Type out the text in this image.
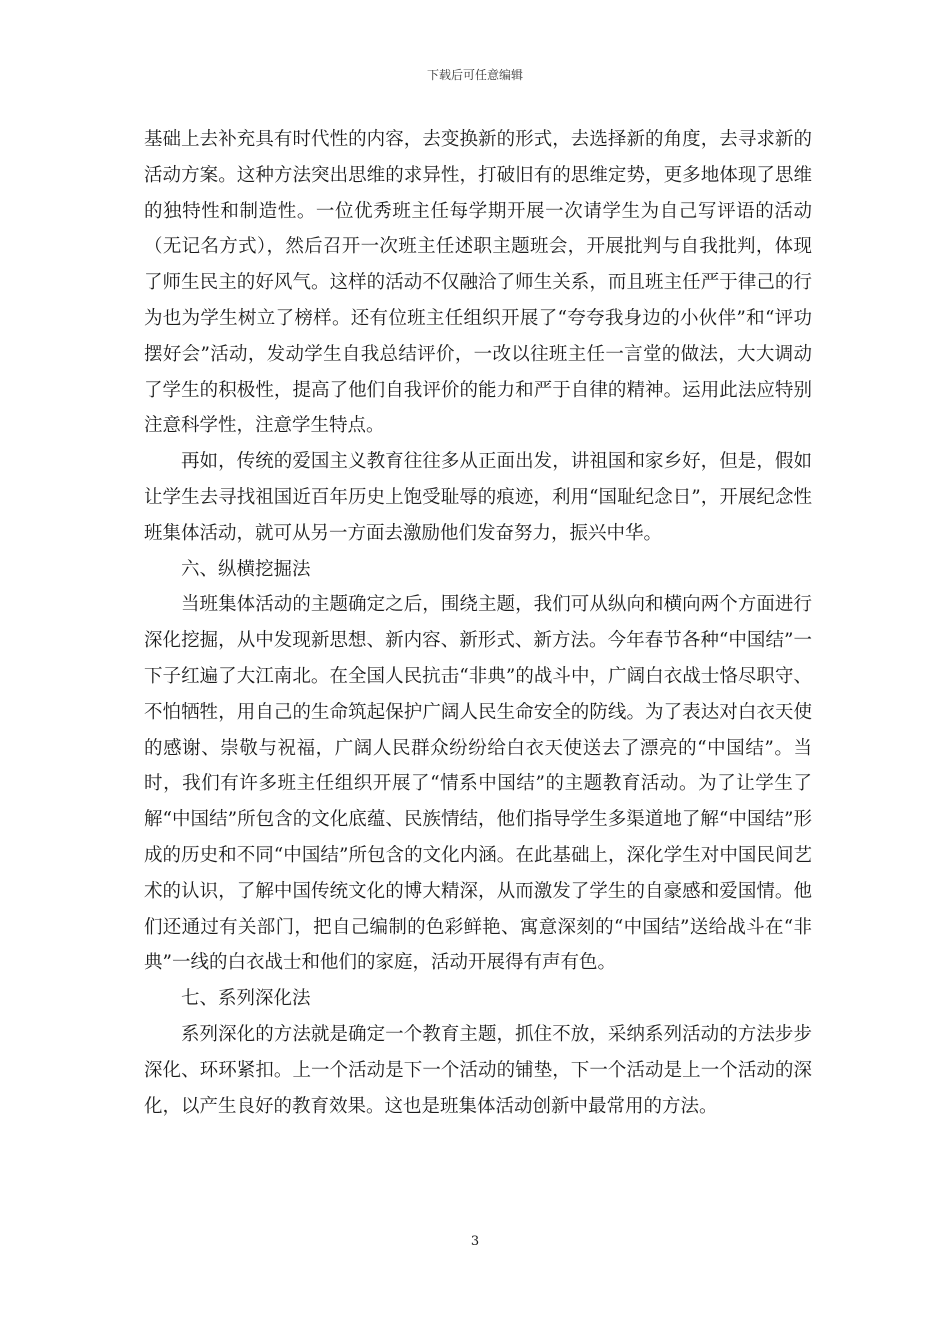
下载后可任意编辑

基础上去补充具有时代性的内容，去变换新的形式，去选择新的角度，去寻求新的活动方案。这种方法突出思维的求异性，打破旧有的思维定势，更多地体现了思维的独特性和制造性。一位优秀班主任每学期开展一次请学生为自己写评语的活动（无记名方式），然后召开一次班主任述职主题班会，开展批判与自我批判，体现了师生民主的好风气。这样的活动不仅融洽了师生关系，而且班主任严于律己的行为也为学生树立了榜样。还有位班主任组织开展了“夸夸我身边的小伙伴”和“评功摆好会”活动，发动学生自我总结评价，一改以往班主任一言堂的做法，大大调动了学生的积极性，提高了他们自我评价的能力和严于自律的精神。运用此法应特别注意科学性，注意学生特点。

再如，传统的爱国主义教育往往多从正面出发，讲祖国和家乡好，但是，假如让学生去寻找祖国近百年历史上饱受耻辱的痕迹，利用“国耻纪念日”，开展纪念性班集体活动，就可从另一方面去激励他们发奋努力，振兴中华。

六、纵横挖掘法

当班集体活动的主题确定之后，围绕主题，我们可从纵向和横向两个方面进行深化挖掘，从中发现新思想、新内容、新形式、新方法。今年春节各种“中国结”一下子红遍了大江南北。在全国人民抗击“非典”的战斗中，广阔白衣战士恪尽职守、不怕牺牲，用自己的生命筑起保护广阔人民生命安全的防线。为了表达对白衣天使的感谢、崇敬与祝福，广阔人民群众纷纷给白衣天使送去了漂亮的“中国结”。当时，我们有许多班主任组织开展了“情系中国结”的主题教育活动。为了让学生了解“中国结”所包含的文化底蕴、民族情结，他们指导学生多渠道地了解“中国结”形成的历史和不同“中国结”所包含的文化内涵。在此基础上，深化学生对中国民间艺术的认识，了解中国传统文化的博大精深，从而激发了学生的自豪感和爱国情。他们还通过有关部门，把自己编制的色彩鲜艳、寓意深刻的“中国结”送给战斗在“非典”一线的白衣战士和他们的家庭，活动开展得有声有色。

七、系列深化法

系列深化的方法就是确定一个教育主题，抓住不放，采纳系列活动的方法步步深化、环环紧扣。上一个活动是下一个活动的铺垫，下一个活动是上一个活动的深化，以产生良好的教育效果。这也是班集体活动创新中最常用的方法。

3
